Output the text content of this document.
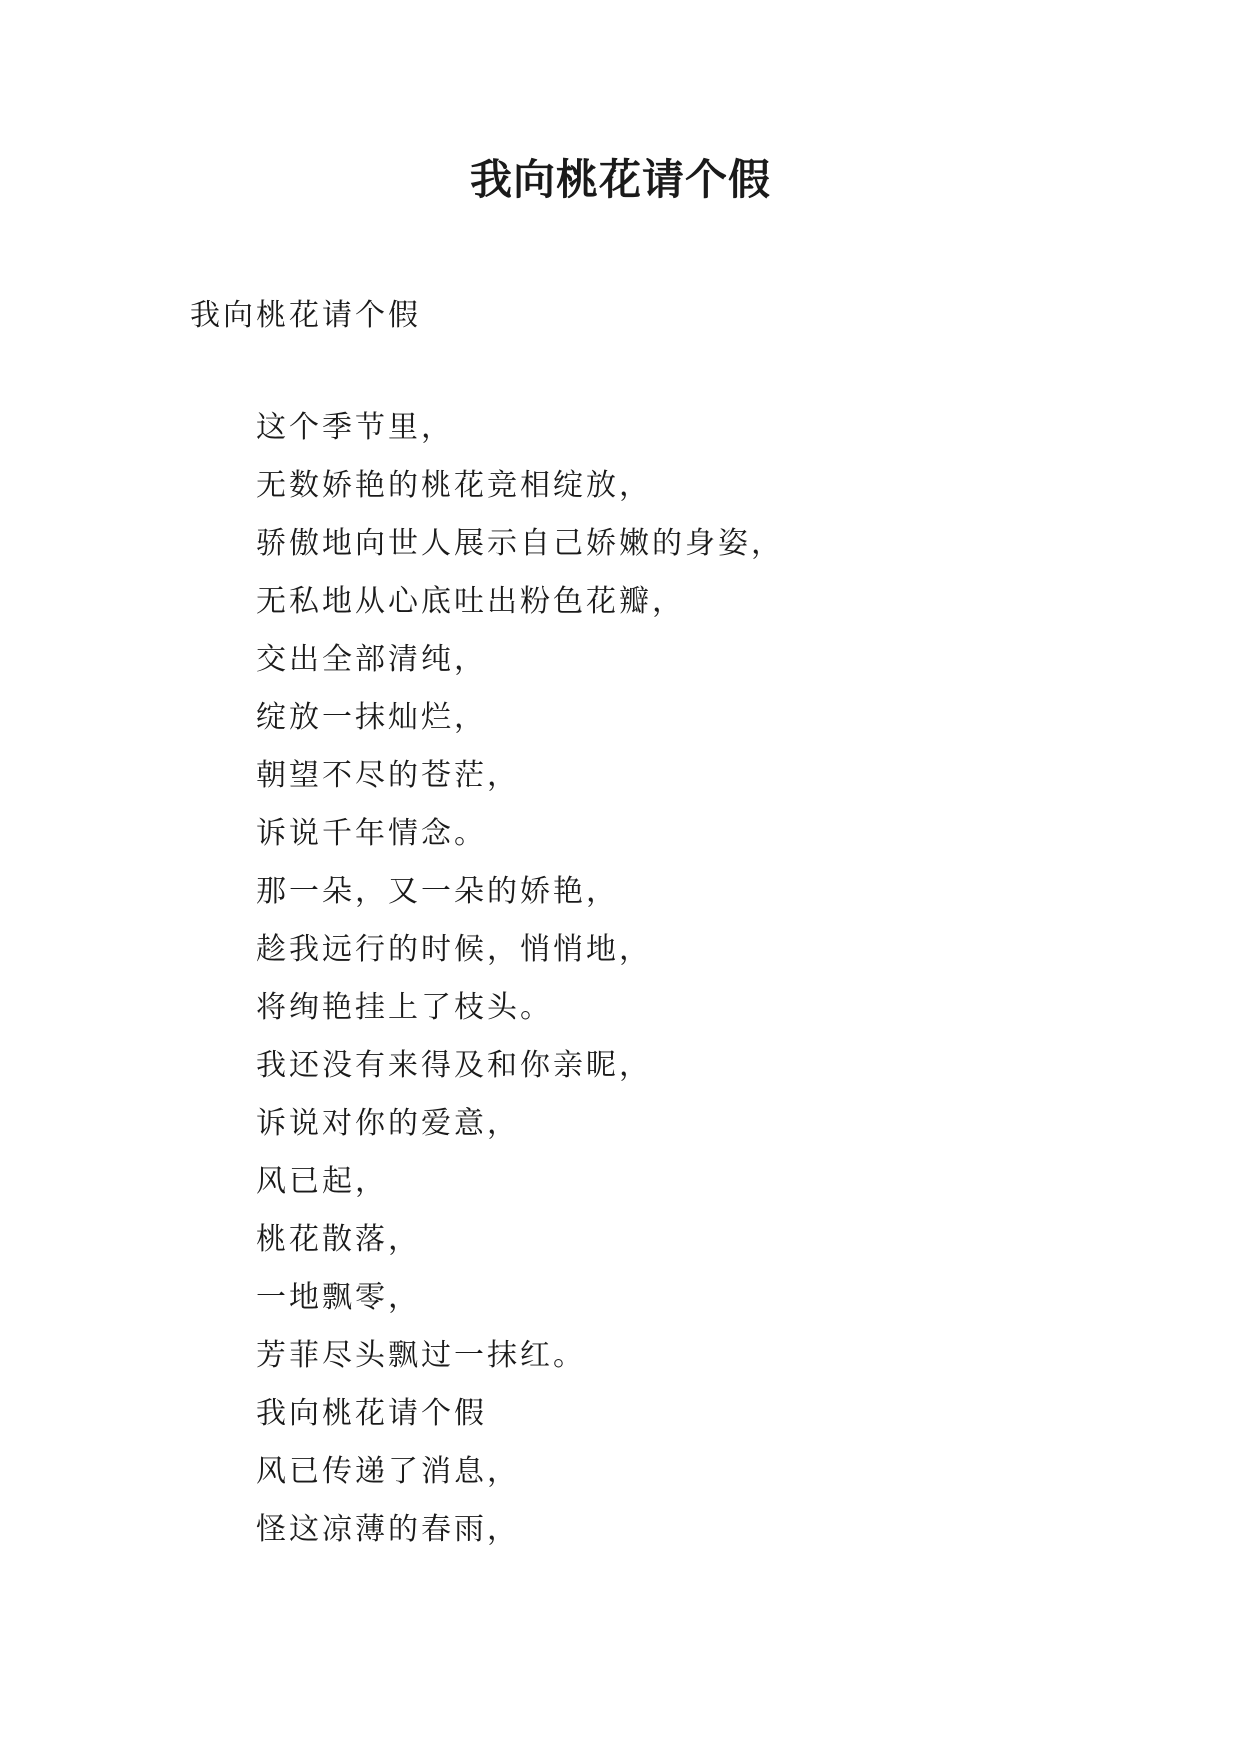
我向桃花请个假

我向桃花请个假

这个季节里，
无数娇艳的桃花竞相绽放，
骄傲地向世人展示自己娇嫩的身姿，
无私地从心底吐出粉色花瓣，
交出全部清纯，
绽放一抹灿烂，
朝望不尽的苍茫，
诉说千年情念。
那一朵，又一朵的娇艳，
趁我远行的时候，悄悄地，
将绚艳挂上了枝头。
我还没有来得及和你亲昵，
诉说对你的爱意，
风已起，
桃花散落，
一地飘零，
芳菲尽头飘过一抹红。
我向桃花请个假
风已传递了消息，
怪这凉薄的春雨，
